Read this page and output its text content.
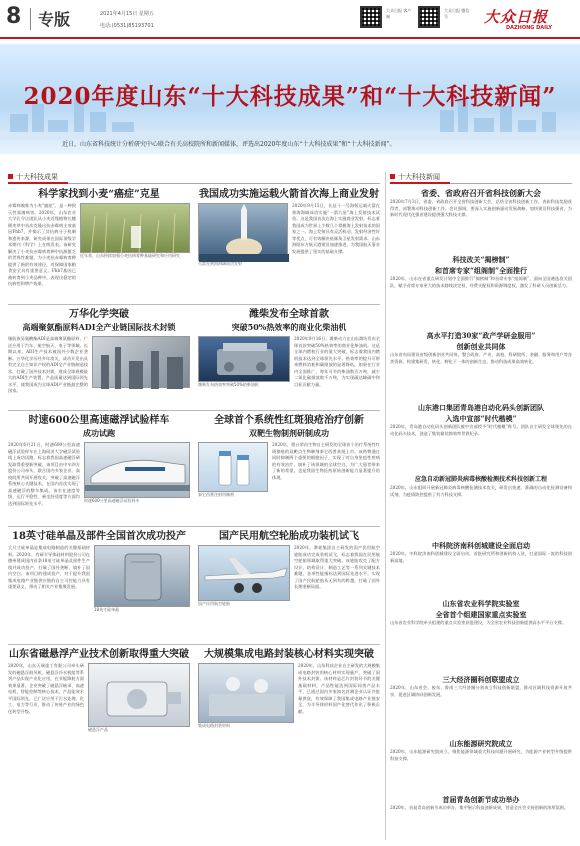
8 专版	2021年4月15日 星期五
电话:(0531)85193701
大众日报 客户端
大众日报 微信号	大众日报
DAZHONG DAILY
2020年度山东“十大科技成果”和“十大科技新闻”
近日，山东省科技统计分析研究中心联合有关高校院所和新闻媒体，评选出2020年度山东“十大科技成果”和“十大科技新闻”。
十大科技成果
科学家找到小麦“癌症”克星
赤霉病被称为小麦“癌症”，是一种毁灭性真菌病害。2020年，山东农业大学孔令让团队从小麦近缘植物长穗偃麦草中首次克隆出抗赤霉病主效基因Fhb7，并揭示了其抗病分子机制和遗传来源，研究成果在国际顶级学术期刊《科学》上在线发表。该研究解决了小麦抗赤霉病育种中抗源匮乏的世界性难题，为小麦抗赤霉病育种提供了新的有效途径，对保障国家粮食安全具有重要意义。Fhb7基因已被转育到小麦品种中，表现出稳定的抗病性和增产效果。
近年来，山东持续加强小麦抗病育种基础研究和应用研究
我国成功实施运载火箭首次海上商业发射
火箭在黄海海域成功发射
2020年9月15日，长征十一号海射运载火箭在黄海海域成功实施“一箭九星”海上发射技术试验。这是我国首次在海上实施商业发射，标志着我国成为世界上少数几个掌握海上发射技术的国家之一。海上发射具有灵活机动、发射经济性好等优点，可有效解决低倾角卫星发射需求。山东海阳东方航天港建设加速推进，为我国航天事业发展提供了坚实的基础支撑。
万华化学突破
高端聚氨酯原料ADI全产业链国际技术封锁
脂肪族异氰酸酯ADI是高端聚氨酯原料，广泛应用于汽车、航空航天、电子等领域。长期以来，ADI生产技术被国外少数企业垄断。万华化学历经多年攻关，成功开发出具有完全自主知识产权的ADI全产业链制造技术，打破了国外技术封锁，建成全球规模最大的ADI生产装置，产品质量达到国际领先水平，使我国成为全球ADI产业链最完整的国家。
潍柴发布全球首款
突破50%热效率的商业化柴油机
潍柴发布热效率突破50%的柴油机
2020年9月16日，潍柴动力在山东潍坊发布全球首款突破50%热效率的商业化柴油机。这是全球内燃机行业的重大突破，标志着我国内燃机技术达到全球领先水平。热效率的提升可带来燃料消耗和碳排放的显著降低，如果在行业内全面推广，每年可节约柴油数百万吨，减少二氧化碳排放数千万吨，为实现碳达峰碳中和目标贡献力量。
时速600公里高速磁浮试验样车
成功试跑
2020年6月21日，时速600公里高速磁浮试验样车在上海同济大学磁浮试验线上成功试跑，标志着我国高速磁浮研发取得重要新突破。该项目由中车四方股份公司牵头，联合国内多家企业、高校院所共同开展攻关，突破了高速磁浮系统核心关键技术，在国内首次实现了高速磁浮的整车集成。该车在速度等级、运行平稳性、乘坐舒适度等方面均达到国际领先水平。	时速600公里高速磁浮试验样车
全球首个系统性红斑狼疮治疗创新
双靶生物制剂研制成功
泰它西普注射用制剂
2020年，烟台荣昌生物自主研发的全球首个治疗系统性红斑狼疮的双靶点生物制剂泰它西普获批上市。该药物通过同时抑制两个重要的细胞因子，实现了对自身免疫性疾病的有效治疗，填补了该领域的全球空白，为广大患者带来了新的希望，也是我国生物医药原始创新能力显著提升的体现。
18英寸硅单晶及部件全国首次成功投产
大尺寸硅单晶是集成电路制造的关键基础材料。2020年，有研半导体硅材料股份公司在德州建成国内首条18英寸硅单晶及部件生产线并成功投产，打破了国外垄断，填补了国内空白。该项目的建成投产，对于提升我国集成电路产业链供应链的自主可控能力具有重要意义，带动了相关产业集聚发展。
18英寸硅单晶
国产民用航空轮胎成功装机试飞
国产民用航空轮胎
2020年，赛轮集团自主研发的国产民用航空轮胎成功完成装机试飞，标志着我国在民用航空轮胎领域取得重大突破。该轮胎攻克了配方设计、结构设计、制造工艺等一系列关键技术难题，各项性能指标达到国际先进水平，实现了国产民航轮胎从无到有的跨越，打破了国外长期垄断局面。
山东省磁悬浮产业技术创新取得重大突破
2020年，山东天瑞重工有限公司牵头研发的磁悬浮鼓风机、磁悬浮冷水机组等系列产品实现产业化应用，在节能降耗方面效果显著。企业突破了磁悬浮轴承、高速电机、智能控制等核心技术，产品能效水平国际领先，已广泛应用于污水处理、化工、电力等行业，推动了传统产业的绿色化转型升级。
磁悬浮产品
大规模集成电路封装核心材料实现突破
集成电路封装材料
2020年，山东科技企业自主研发的大规模集成电路封装用核心材料实现量产，突破了国外技术封锁。该材料是芯片封装环节的关键基础材料，产品性能达到国际同类产品水平，已通过国内多家知名封测企业认证并批量供货，有效保障了我国集成电路产业链安全，为半导体材料国产化替代作出了积极贡献。
十大科技新闻
省委、省政府召开省科技创新大会
2020年7月3日，省委、省政府召开全省科技创新大会，总结全省科技创新工作，表彰科技奖励获得者，部署推动科技创新工作。会议强调，要深入实施创新驱动发展战略，加快建设科技强省，为新时代现代化强省建设提供强大科技支撑。
科技改关“揭榜制”
和首席专家“组阁制”全面推行
2020年，山东在省重点研发计划中全面推行“揭榜制”和首席专家“组阁制”，面向全国遴选攻关团队，赋予首席专家更大的技术路线决定权、经费支配权和资源调度权，激发了科研人员创新活力。
高水平打造30家“政产学研金服用”
创新创业共同体
山东省布局建设省级创新创业共同体，整合政府、产业、高校、科研院所、金融、服务和用户等各类资源，构建集研发、转化、孵化于一体的创新生态，推动科技成果高效转化。
山东港口集团青岛港自动化码头创新团队
入选中宣部“时代楷模”
2020年，青岛港自动化码头创新团队被中宣部授予“时代楷模”称号。团队自主研发全球领先的自动化码头技术，创造了集装箱装卸效率世界纪录。
应急自动新冠肺炎病毒核酸检测技术科技创新工程
2020年，山东组织开展新冠肺炎病毒核酸检测技术攻关，研发出快速、准确的自动化检测设备和试剂，为疫情防控提供了有力科技支撑。
中科院济南科创城建设全面启动
2020年，中科院济南科创城建设全面启动，首批研究所和创新机构入驻，打造国际一流的科技创新高地。
山东省农业科学院实验室
全省首个组建国家重点实验室
山东省农业科学院牵头组建的重点实验室获批建设，为全省农业科技创新提供高水平平台支撑。
三大经济圈科创联盟成立
2020年，山东省会、胶东、鲁南三大经济圈分别成立科技创新联盟，推动区域科技资源开放共享，促进区域协同创新发展。
山东能源研究院成立
2020年，山东能源研究院成立，聚焦能源领域重大科技问题开展研究，为能源产业转型升级提供科技支撑。
首届青岛创新节成功举办
2020年，首届青岛创新节成功举办，集中展示科技创新成果，营造全社会支持创新的浓厚氛围。
